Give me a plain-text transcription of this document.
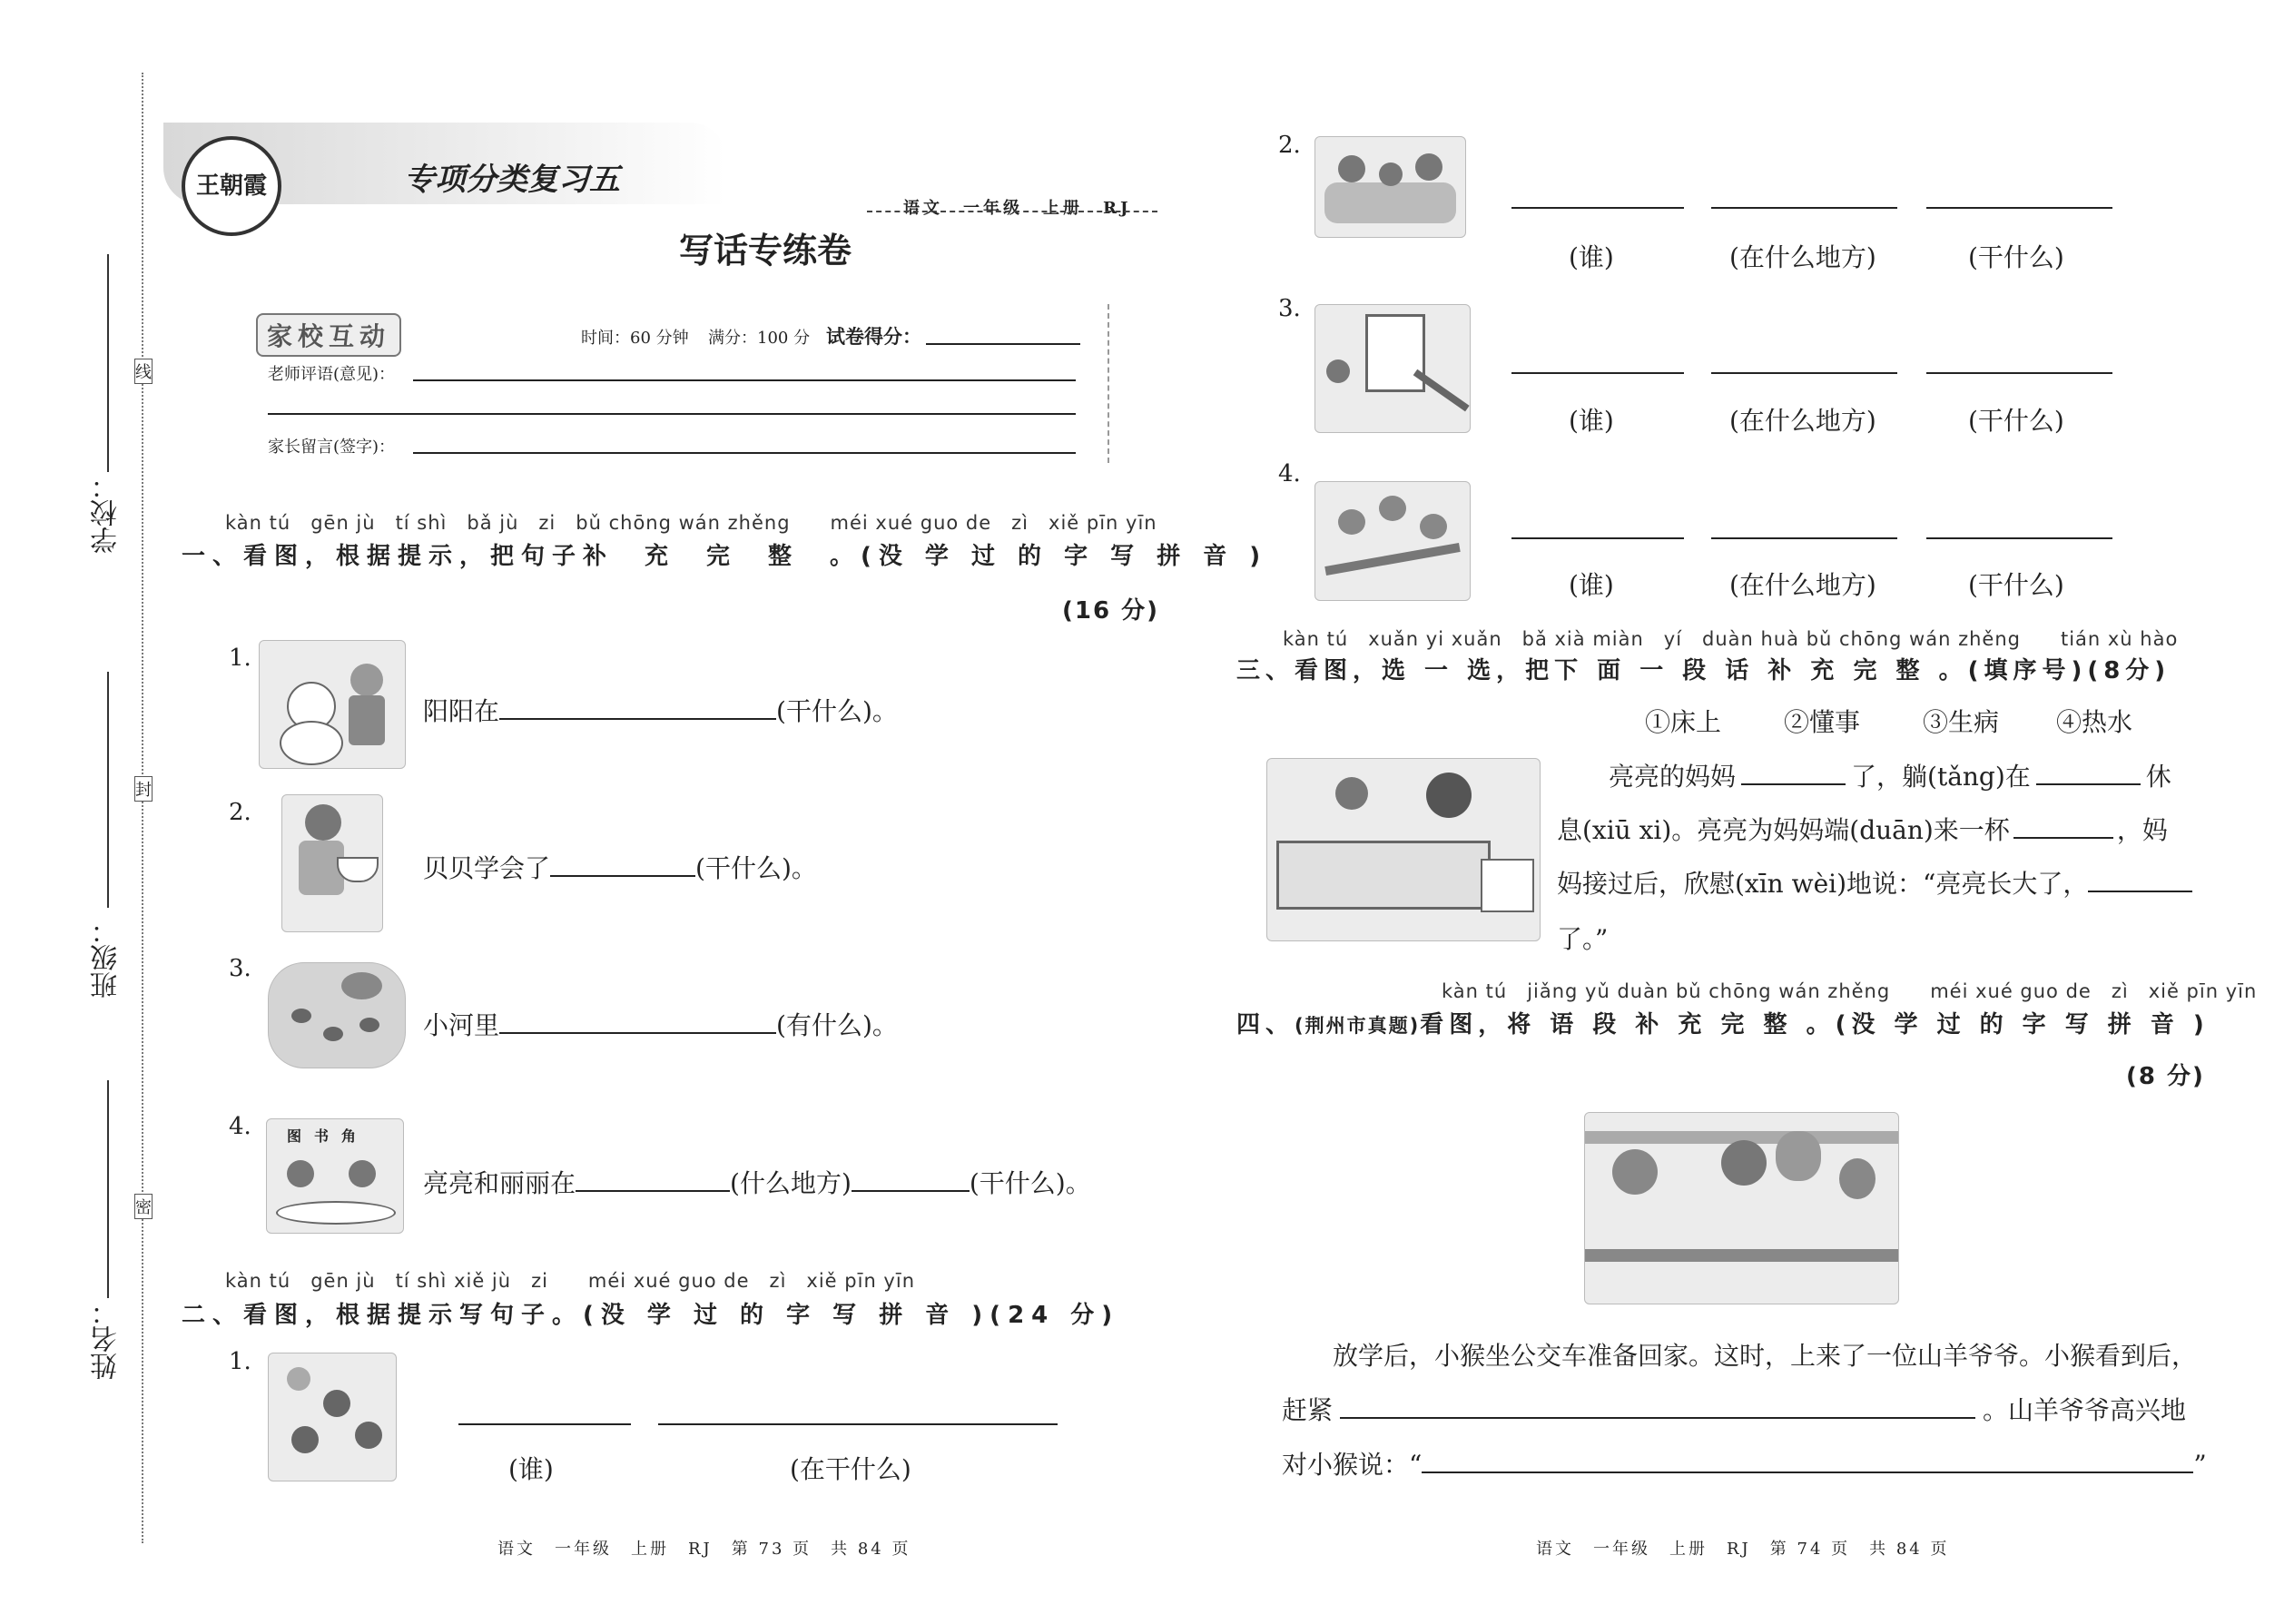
学校：
班级：
姓名：
线
封
密
王朝霞	专项分类复习五
语文　一年级　上册　RJ
写话专练卷
家校互动	时间：60 分钟 满分：100 分 试卷得分：
老师评语(意见)：
家长留言(签字)：
kàn tú　gēn jù　tí shì　bǎ jù　zi　bǔ chōng wán zhěng　　méi xué guo de　zì　xiě pīn yīn
一、看图，根据提示，把句子补　充　完　整　。(没 学 过 的 字 写 拼 音 )
(16 分)
1.
阳阳在	(干什么)。
2.
贝贝学会了	(干什么)。
3.
小河里	(有什么)。
4. 图书角
亮亮和丽丽在	(什么地方)	(干什么)。
kàn tú　gēn jù　tí shì xiě jù　zi　　méi xué guo de　zì　xiě pīn yīn
二、看图，根据提示写句子。(没 学 过 的 字 写 拼 音 )(24 分)
1.
(谁)	(在干什么)
语文　一年级　上册　RJ　第 73 页　共 84 页
2.
(谁)	(在什么地方)	(干什么)
3.
(谁)	(在什么地方)	(干什么)
4.
(谁)	(在什么地方)	(干什么)
kàn tú　xuǎn yi xuǎn　bǎ xià miàn　yí　duàn huà bǔ chōng wán zhěng　　tián xù hào
三、看图，选 一 选，把下 面 一 段 话 补 充 完 整 。(填序号)(8分)
①床上 ②懂事 ③生病 ④热水
亮亮的妈妈	了，躺(tǎng)在	休
息(xiū xi)。亮亮为妈妈端(duān)来一杯	，妈
妈接过后，欣慰(xīn wèi)地说：“亮亮长大了，
了。”
kàn tú　jiǎng yǔ duàn bǔ chōng wán zhěng　　méi xué guo de　zì　xiě pīn yīn
四、(荆州市真题)看图，将 语 段 补 充 完 整 。(没 学 过 的 字 写 拼 音 )
(8 分)
放学后，小猴坐公交车准备回家。这时，上来了一位山羊爷爷。小猴看到后，
赶紧	。山羊爷爷高兴地
对小猴说：“	”
语文　一年级　上册　RJ　第 74 页　共 84 页
